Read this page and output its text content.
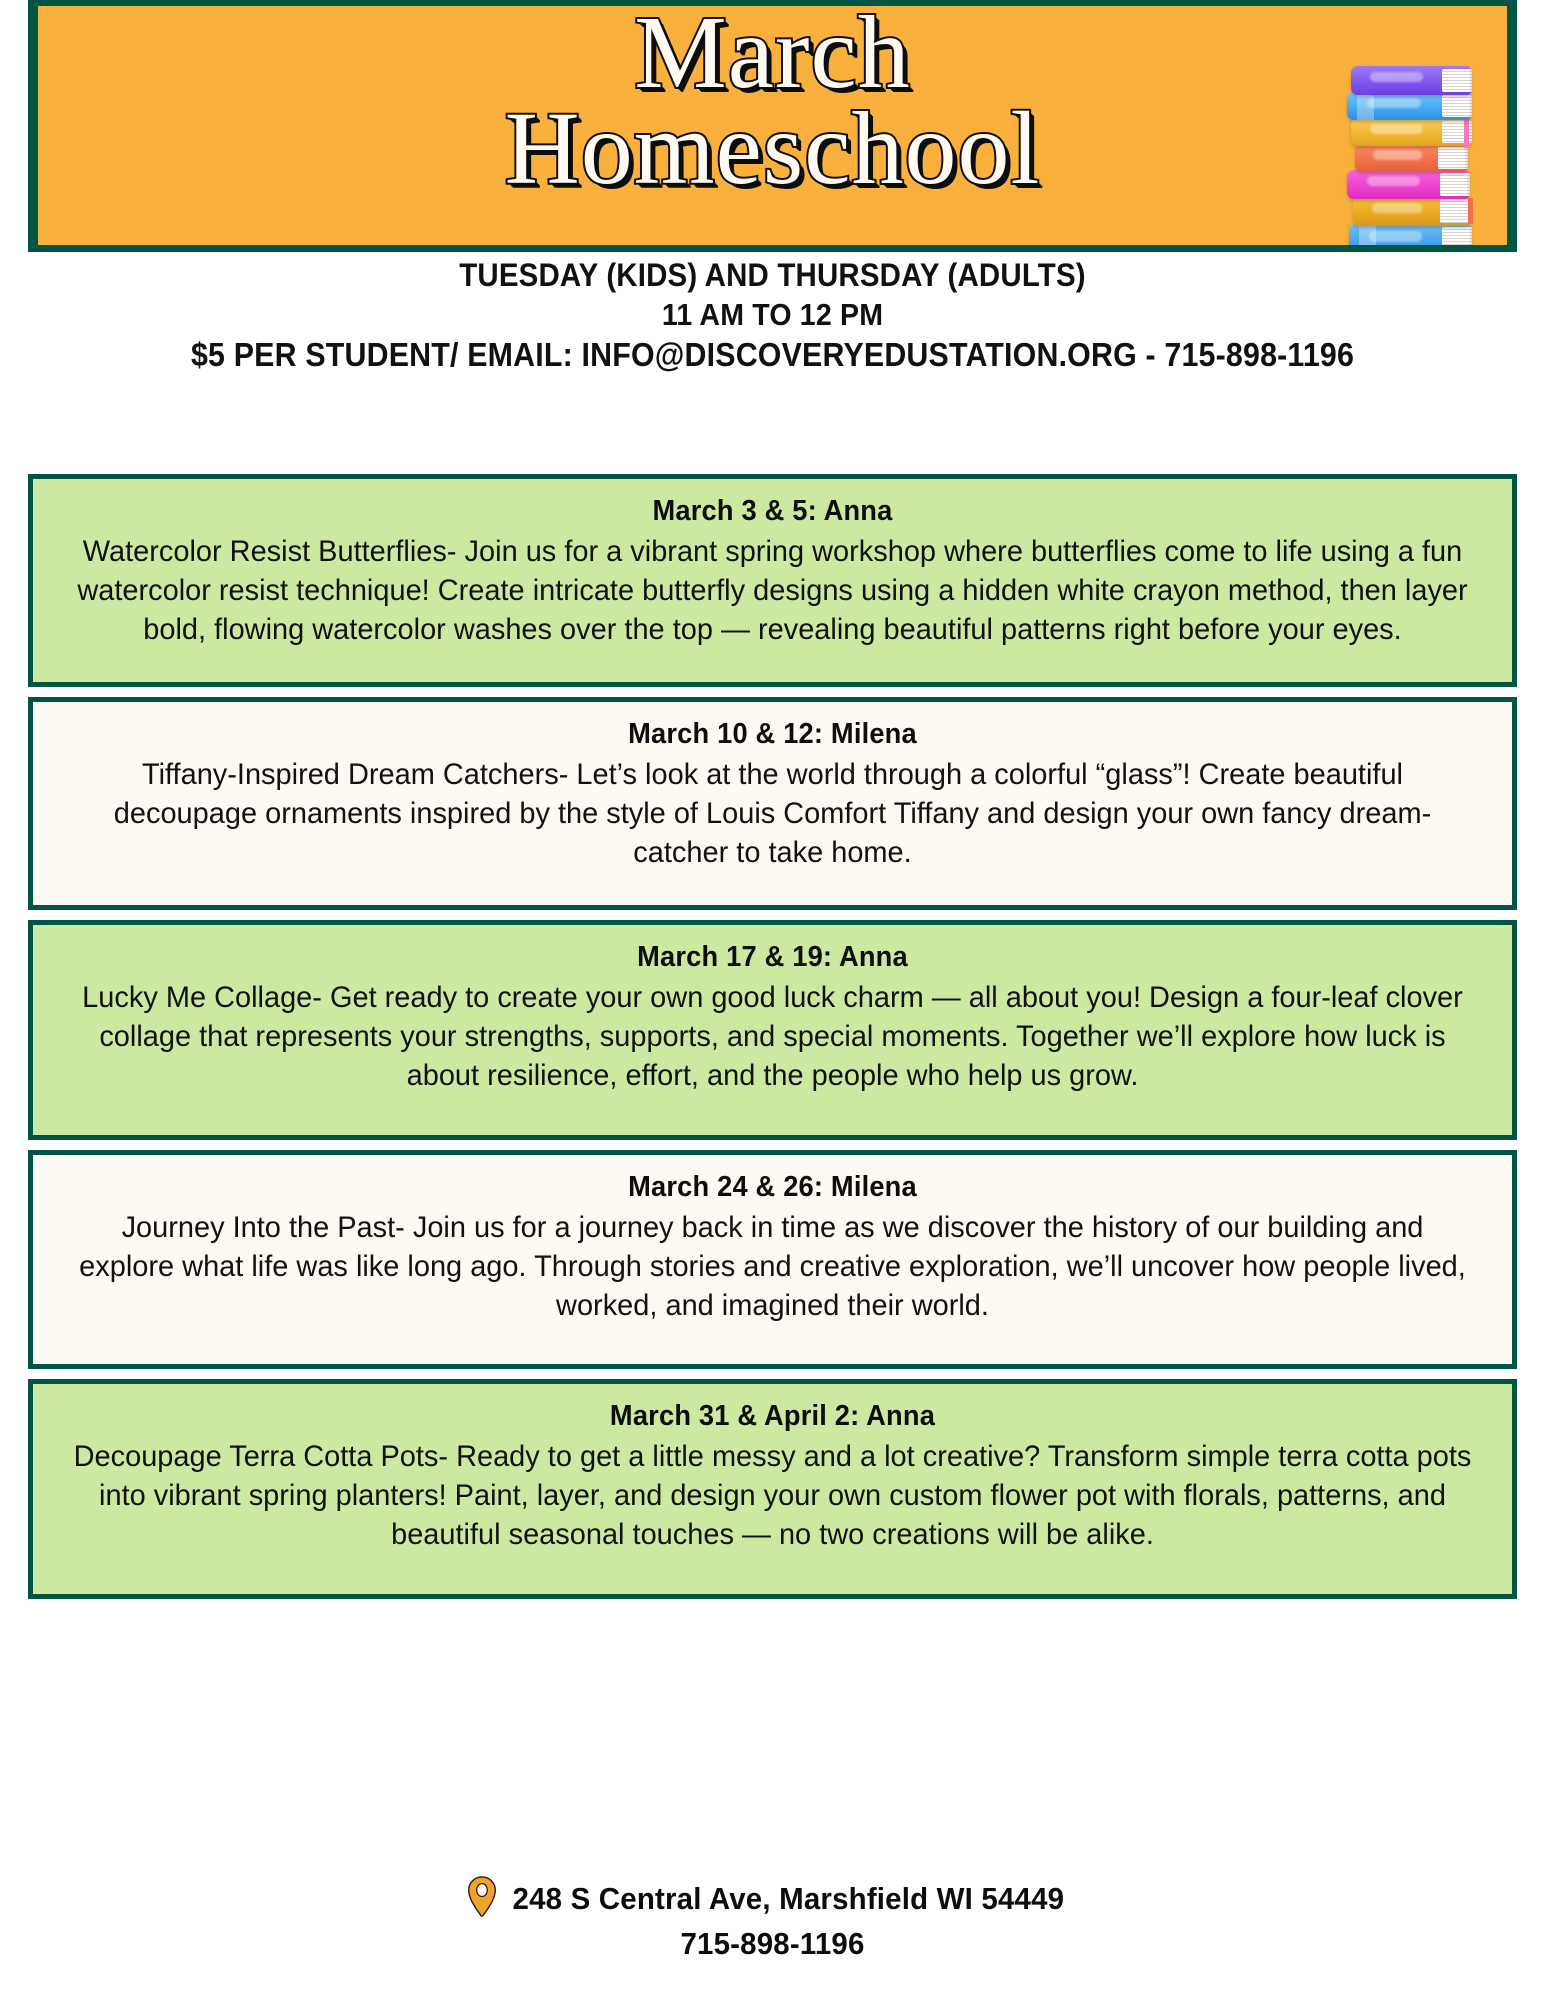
March
Homeschool
TUESDAY (KIDS) AND THURSDAY (ADULTS)
11 AM TO 12 PM
$5 PER STUDENT/ EMAIL: INFO@DISCOVERYEDUSTATION.ORG - 715-898-1196
March 3 & 5: Anna
Watercolor Resist Butterflies- Join us for a vibrant spring workshop where butterflies come to life using a fun watercolor resist technique! Create intricate butterfly designs using a hidden white crayon method, then layer bold, flowing watercolor washes over the top — revealing beautiful patterns right before your eyes.
March 10 & 12: Milena
Tiffany-Inspired Dream Catchers- Let’s look at the world through a colorful “glass”! Create beautiful decoupage ornaments inspired by the style of Louis Comfort Tiffany and design your own fancy dream-catcher to take home.
March 17 & 19: Anna
Lucky Me Collage- Get ready to create your own good luck charm — all about you! Design a four-leaf clover collage that represents your strengths, supports, and special moments. Together we’ll explore how luck is about resilience, effort, and the people who help us grow.
March 24 & 26: Milena
Journey Into the Past- Join us for a journey back in time as we discover the history of our building and explore what life was like long ago. Through stories and creative exploration, we’ll uncover how people lived, worked, and imagined their world.
March 31 & April 2: Anna
Decoupage Terra Cotta Pots- Ready to get a little messy and a lot creative? Transform simple terra cotta pots into vibrant spring planters! Paint, layer, and design your own custom flower pot with florals, patterns, and beautiful seasonal touches — no two creations will be alike.
248 S Central Ave, Marshfield WI 54449
715-898-1196
